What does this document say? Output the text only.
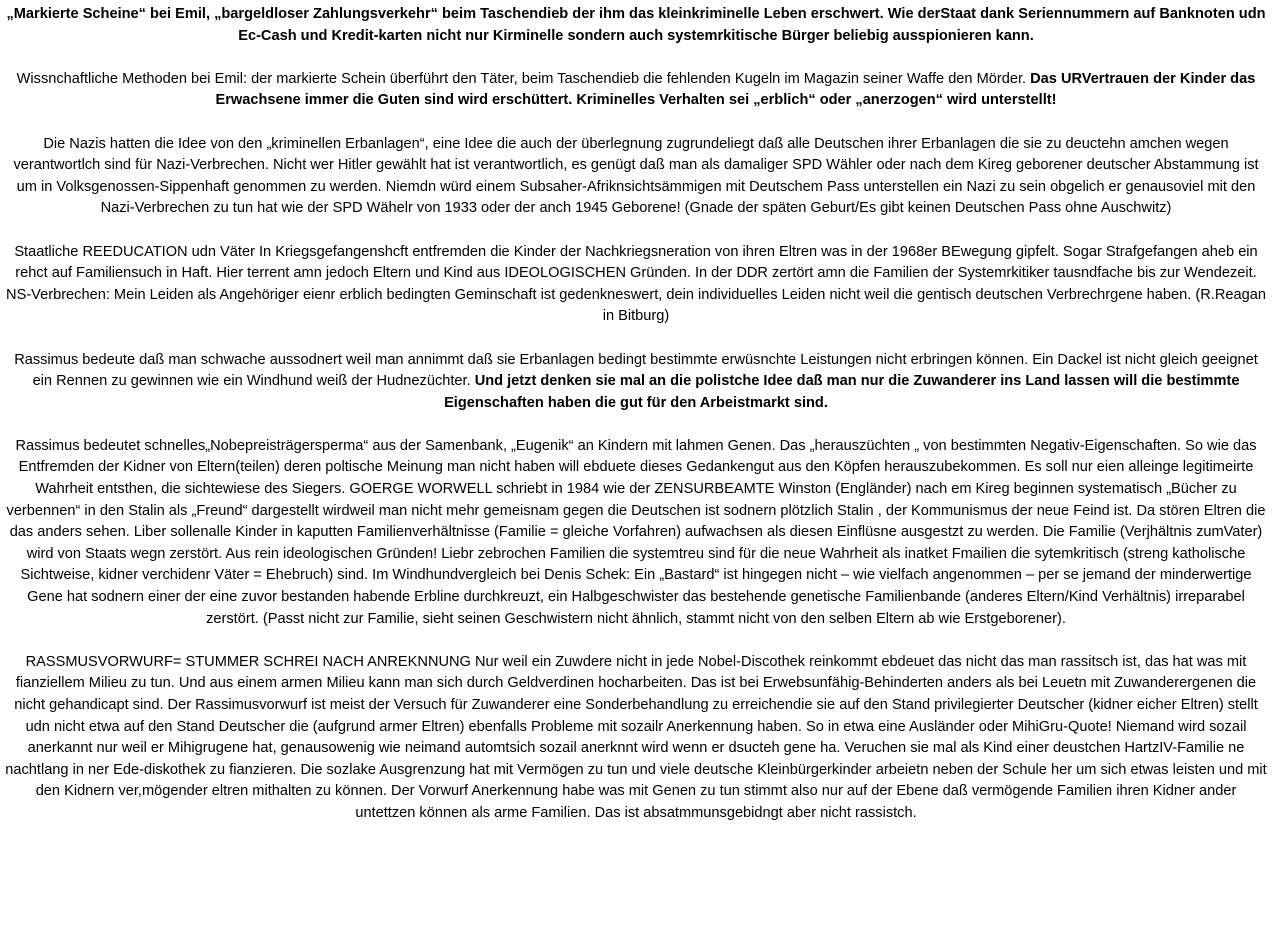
„Markierte Scheine“ bei Emil, „bargeldloser Zahlungsverkehr“ beim Taschendieb der ihm das kleinkriminelle Leben erschwert. Wie derStaat dank Seriennummern auf Banknoten udn Ec-Cash und Kredit-karten nicht nur Kirminelle sondern auch systemrkitische Bürger beliebig ausspionieren kann.

Wissnchaftliche Methoden bei Emil: der markierte Schein überführt den Täter, beim Taschendieb die fehlenden Kugeln im Magazin seiner Waffe den Mörder. Das URVertrauen der Kinder das Erwachsene immer die Guten sind wird erschüttert. Kriminelles Verhalten sei „erblich“ oder „anerzogen“ wird unterstellt!

Die Nazis hatten die Idee von den „kriminellen Erbanlagen“, eine Idee die auch der überlegnung zugrundeliegt daß alle Deutschen ihrer Erbanlagen die sie zu deuctehn amchen wegen verantwortlch sind für Nazi-Verbrechen. Nicht wer Hitler gewählt hat ist verantwortlich, es genügt daß man als damaliger SPD Wähler oder nach dem Kireg geborener deutscher Abstammung ist um in Volksgenossen-Sippenhaft genommen zu werden. Niemdn würd einem Subsaher-Afriknsichtsämmigen mit Deutschem Pass unterstellen ein Nazi zu sein obgelich er genausoviel mit den Nazi-Verbrechen zu tun hat wie der SPD Wähelr von 1933 oder der anch 1945 Geborene! (Gnade der späten Geburt/Es gibt keinen Deutschen Pass ohne Auschwitz)

Staatliche REEDUCATION udn Väter In Kriegsgefangenshcft entfremden die Kinder der Nachkriegsneration von ihren Eltren was in der 1968er BEwegung gipfelt. Sogar Strafgefangen aheb ein rehct auf Familiensuch in Haft. Hier terrent amn jedoch Eltern und Kind aus IDEOLOGISCHEN Gründen. In der DDR zertört amn die Familien der Systemrkitiker tausndfache bis zur Wendezeit. NS-Verbrechen: Mein Leiden als Angehöriger eienr erblich bedingten Geminschaft ist gedenkneswert, dein individuelles Leiden nicht weil die gentisch deutschen Verbrechrgene haben. (R.Reagan in Bitburg)

Rassimus bedeute daß man schwache aussodnert weil man annimmt daß sie Erbanlagen bedingt bestimmte erwüsnchte Leistungen nicht erbringen können. Ein Dackel ist nicht gleich geeignet ein Rennen zu gewinnen wie ein Windhund weiß der Hudnezüchter. Und jetzt denken sie mal an die polistche Idee daß man nur die Zuwanderer ins Land lassen will die bestimmte Eigenschaften haben die gut für den Arbeistmarkt sind.

Rassimus bedeutet schnelles„Nobepreisträgersperma“ aus der Samenbank, „Eugenik“ an Kindern mit lahmen Genen. Das „herauszüchten „ von bestimmten Negativ-Eigenschaften. So wie das Entfremden der Kidner von Eltern(teilen) deren poltische Meinung man nicht haben will ebduete dieses Gedankengut aus den Köpfen herauszubekommen. Es soll nur eien alleinge legitimeirte Wahrheit entsthen, die sichtewiese des Siegers. GOERGE WORWELL schriebt in 1984 wie der ZENSURBEAMTE Winston (Engländer) nach em Kireg beginnen systematisch „Bücher zu verbennen“ in den Stalin als „Freund“ dargestellt wirdweil man nicht mehr gemeisnam gegen die Deutschen ist sodnern plötzlich Stalin , der Kommunismus der neue Feind ist. Da stören Eltren die das anders sehen. Liber sollenalle Kinder in kaputten Familienverhältnisse (Familie = gleiche Vorfahren) aufwachsen als diesen Einflüsne ausgestzt zu werden. Die Familie (Verjhältnis zumVater) wird von Staats wegn zerstört. Aus rein ideologischen Gründen! Liebr zebrochen Familien die systemtreu sind für die neue Wahrheit als inatket Fmailien die sytemkritisch (streng katholische Sichtweise, kidner verchidenr Väter = Ehebruch) sind. Im Windhundvergleich bei Denis Schek: Ein „Bastard“ ist hingegen nicht – wie vielfach angenommen – per se jemand der minderwertige Gene hat sodnern einer der eine zuvor bestanden habende Erbline durchkreuzt, ein Halbgeschwister das bestehende genetische Familienbande (anderes Eltern/Kind Verhältnis) irreparabel zerstört. (Passt nicht zur Familie, sieht seinen Geschwistern nicht ähnlich, stammt nicht von den selben Eltern ab wie Erstgeborener).

RASSMUSVORWURF= STUMMER SCHREI NACH ANREKNNUNG Nur weil ein Zuwdere nicht in jede Nobel-Discothek reinkommt ebdeuet das nicht das man rassitsch ist, das hat was mit fianziellem Milieu zu tun. Und aus einem armen Milieu kann man sich durch Geldverdinen hocharbeiten. Das ist bei Erwebsunfähig-Behinderten anders als bei Leuetn mit Zuwanderergenen die nicht gehandicapt sind. Der Rassimusvorwurf ist meist der Versuch für Zuwanderer eine Sonderbehandlung zu erreichendie sie auf den Stand privilegierter Deutscher (kidner eicher Eltren) stellt udn nicht etwa auf den Stand Deutscher die (aufgrund armer Eltren) ebenfalls Probleme mit sozailr Anerkennung haben. So in etwa eine Ausländer oder MihiGru-Quote! Niemand wird sozail anerkannt nur weil er Mihigrugene hat, genausowenig wie neimand automtsich sozail anerknnt wird wenn er dsucteh gene ha. Veruchen sie mal als Kind einer deustchen HartzIV-Familie ne nachtlang in ner Ede-diskothek zu fianzieren. Die sozlake Ausgrenzung hat mit Vermögen zu tun und viele deutsche Kleinbürgerkinder arbeietn neben der Schule her um sich etwas leisten und mit den Kidnern ver,mögender eltren mithalten zu können. Der Vorwurf Anerkennung habe was mit Genen zu tun stimmt also nur auf der Ebene daß vermögende Familien ihren Kidner ander untettzen können als arme Familien. Das ist absatmmunsgebidngt aber nicht rassistch.
